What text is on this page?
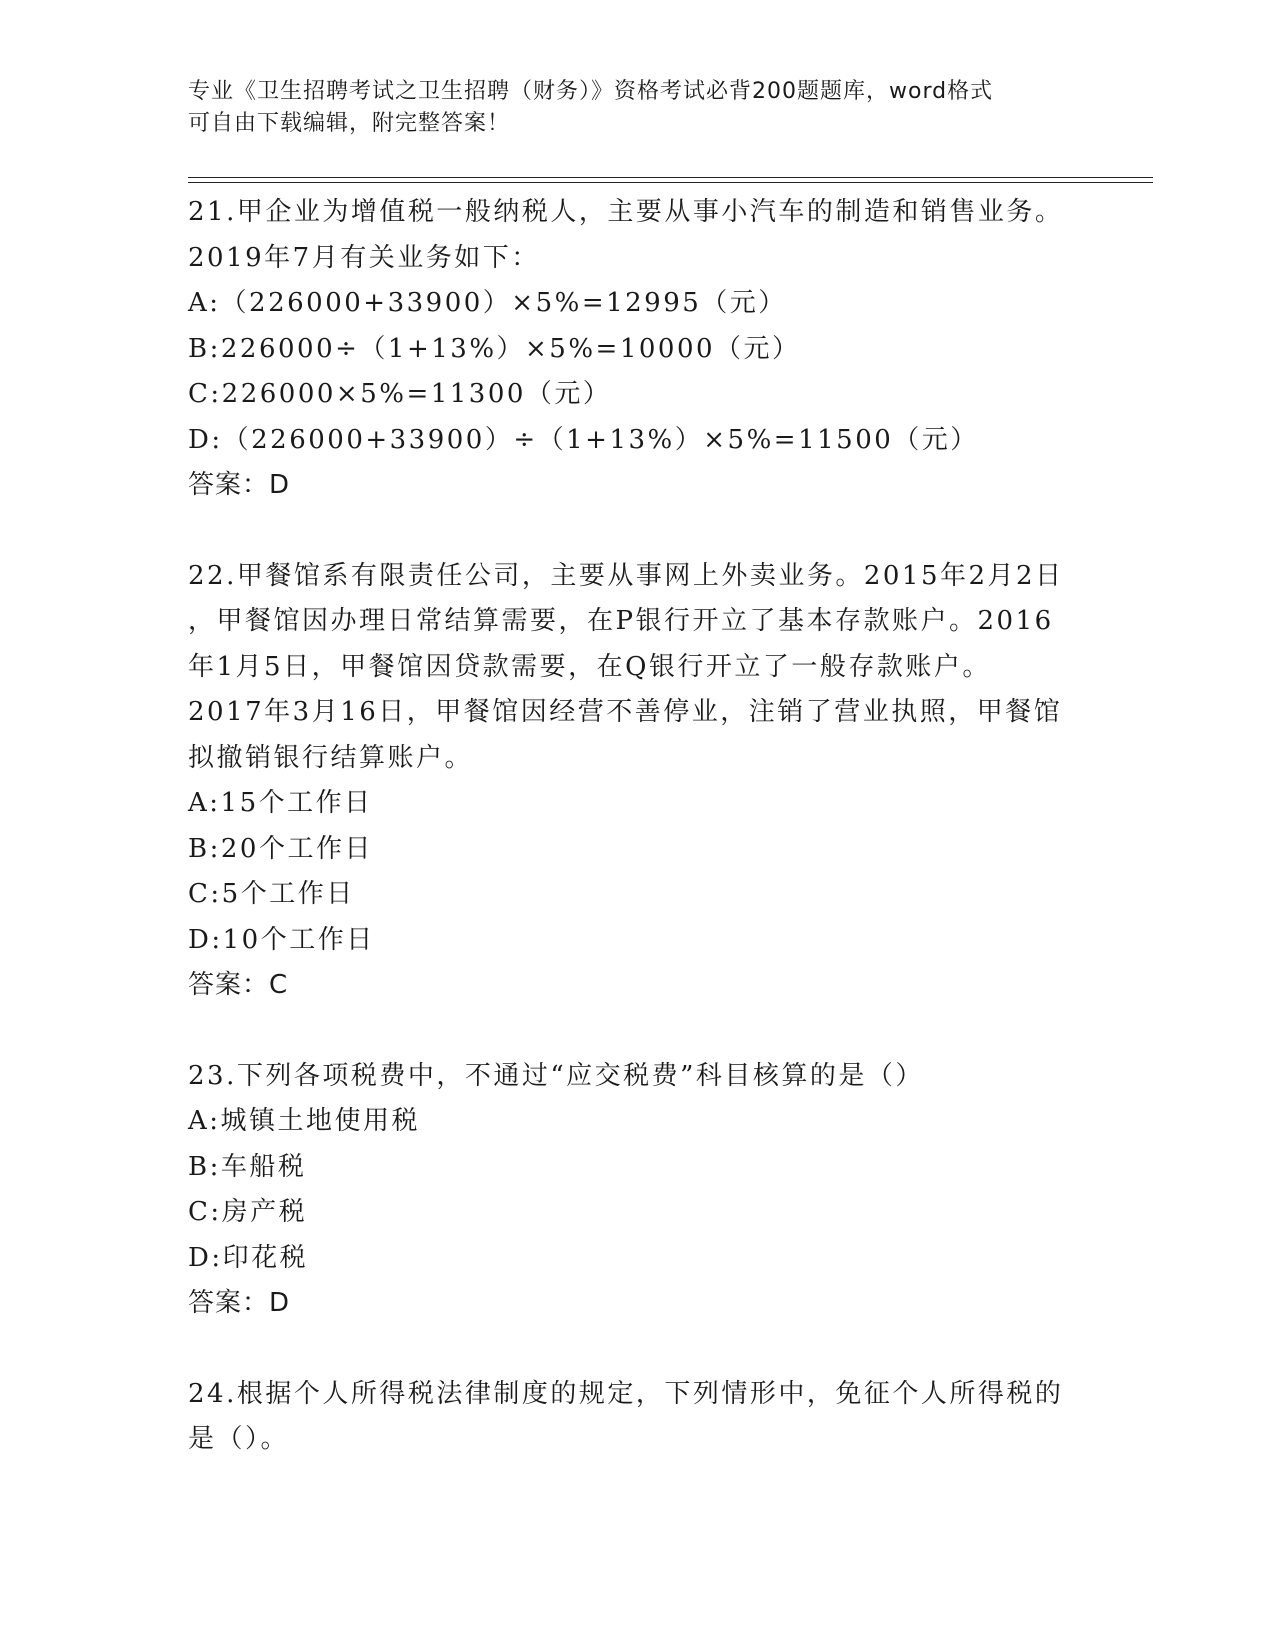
专业《卫生招聘考试之卫生招聘（财务）》资格考试必背200题题库，word格式
可自由下载编辑，附完整答案！
21.甲企业为增值税一般纳税人，主要从事小汽车的制造和销售业务。
2019年7月有关业务如下：
A:（226000+33900）×5%=12995（元）
B:226000÷（1+13%）×5%=10000（元）
C:226000×5%=11300（元）
D:（226000+33900）÷（1+13%）×5%=11500（元）
答案：D
22.甲餐馆系有限责任公司，主要从事网上外卖业务。2015年2月2日
，甲餐馆因办理日常结算需要，在P银行开立了基本存款账户。2016
年1月5日，甲餐馆因贷款需要，在Q银行开立了一般存款账户。
2017年3月16日，甲餐馆因经营不善停业，注销了营业执照，甲餐馆
拟撤销银行结算账户。
A:15个工作日
B:20个工作日
C:5个工作日
D:10个工作日
答案：C
23.下列各项税费中，不通过“应交税费”科目核算的是（）
A:城镇土地使用税
B:车船税
C:房产税
D:印花税
答案：D
24.根据个人所得税法律制度的规定，下列情形中，免征个人所得税的
是（）。
